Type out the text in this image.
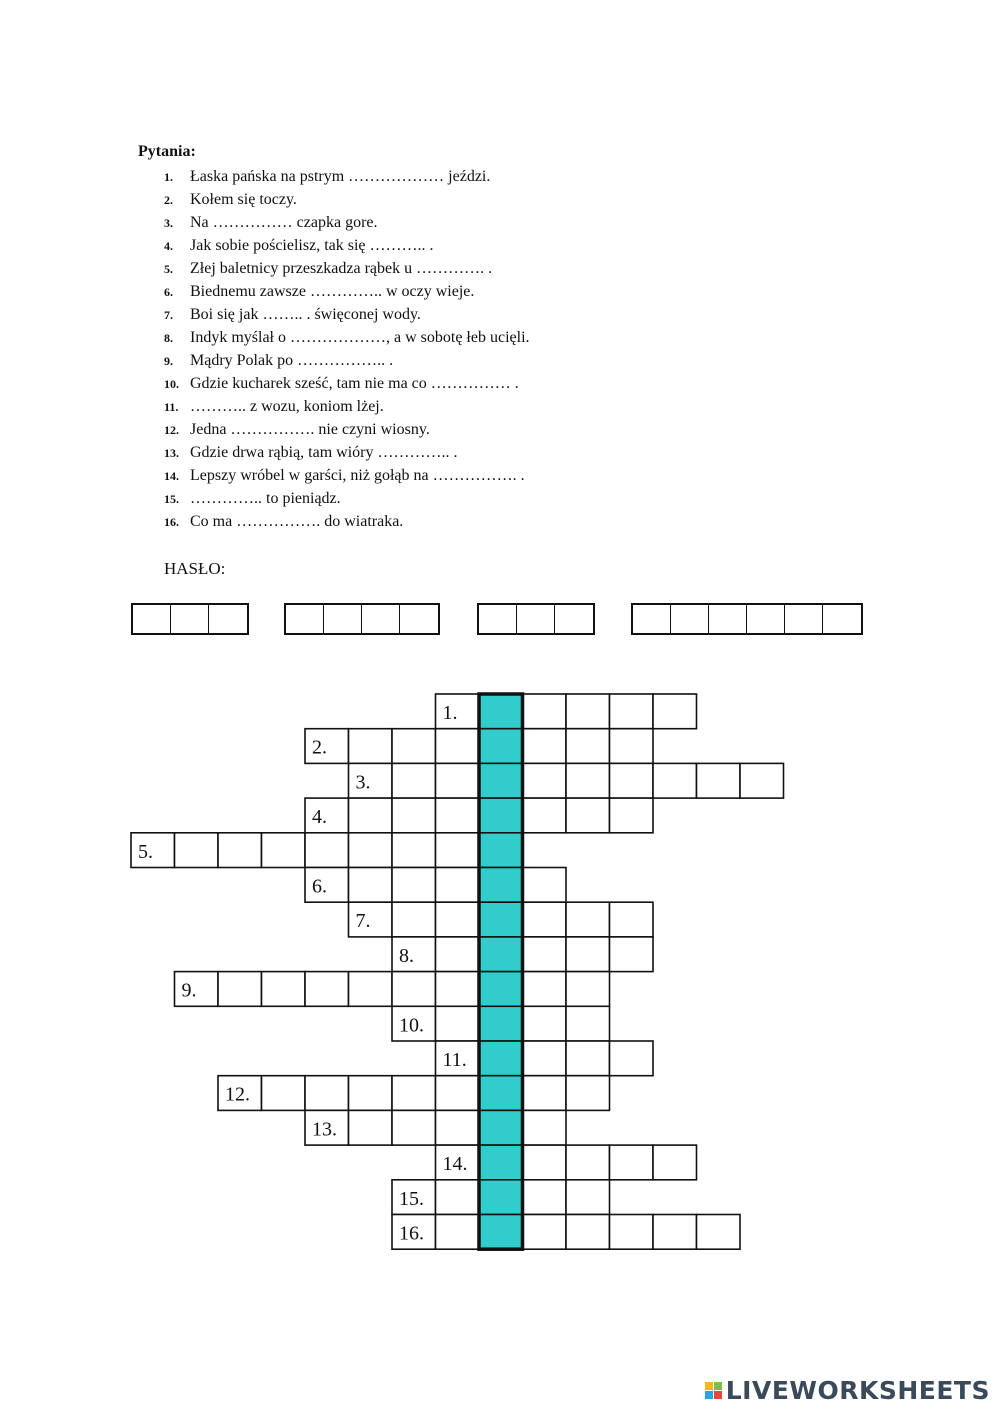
Pytania:
1. Łaska pańska na pstrym ……………… jeździ.
2. Kołem się toczy.
3. Na …………… czapka gore.
4. Jak sobie pościelisz, tak się ……….. .
5. Złej baletnicy przeszkadza rąbek u …………. .
6. Biednemu zawsze ………….. w oczy wieje.
7. Boi się jak …….. . święconej wody.
8. Indyk myślał o ………………, a w sobotę łeb ucięli.
9. Mądry Polak po …………….. .
10. Gdzie kucharek sześć, tam nie ma co …………… .
11. ……….. z wozu, koniom lżej.
12. Jedna ……………. nie czyni wiosny.
13. Gdzie drwa rąbią, tam wióry ………….. .
14. Lepszy wróbel w garści, niż gołąb na ……………. .
15. ………….. to pieniądz.
16. Co ma ……………. do wiatraka.
HASŁO:
1.
2.
3.
4.
5.
6.
7.
8.
9.
10.
11.
12.
13.
14.
15.
16.
LIVEWORKSHEETS
